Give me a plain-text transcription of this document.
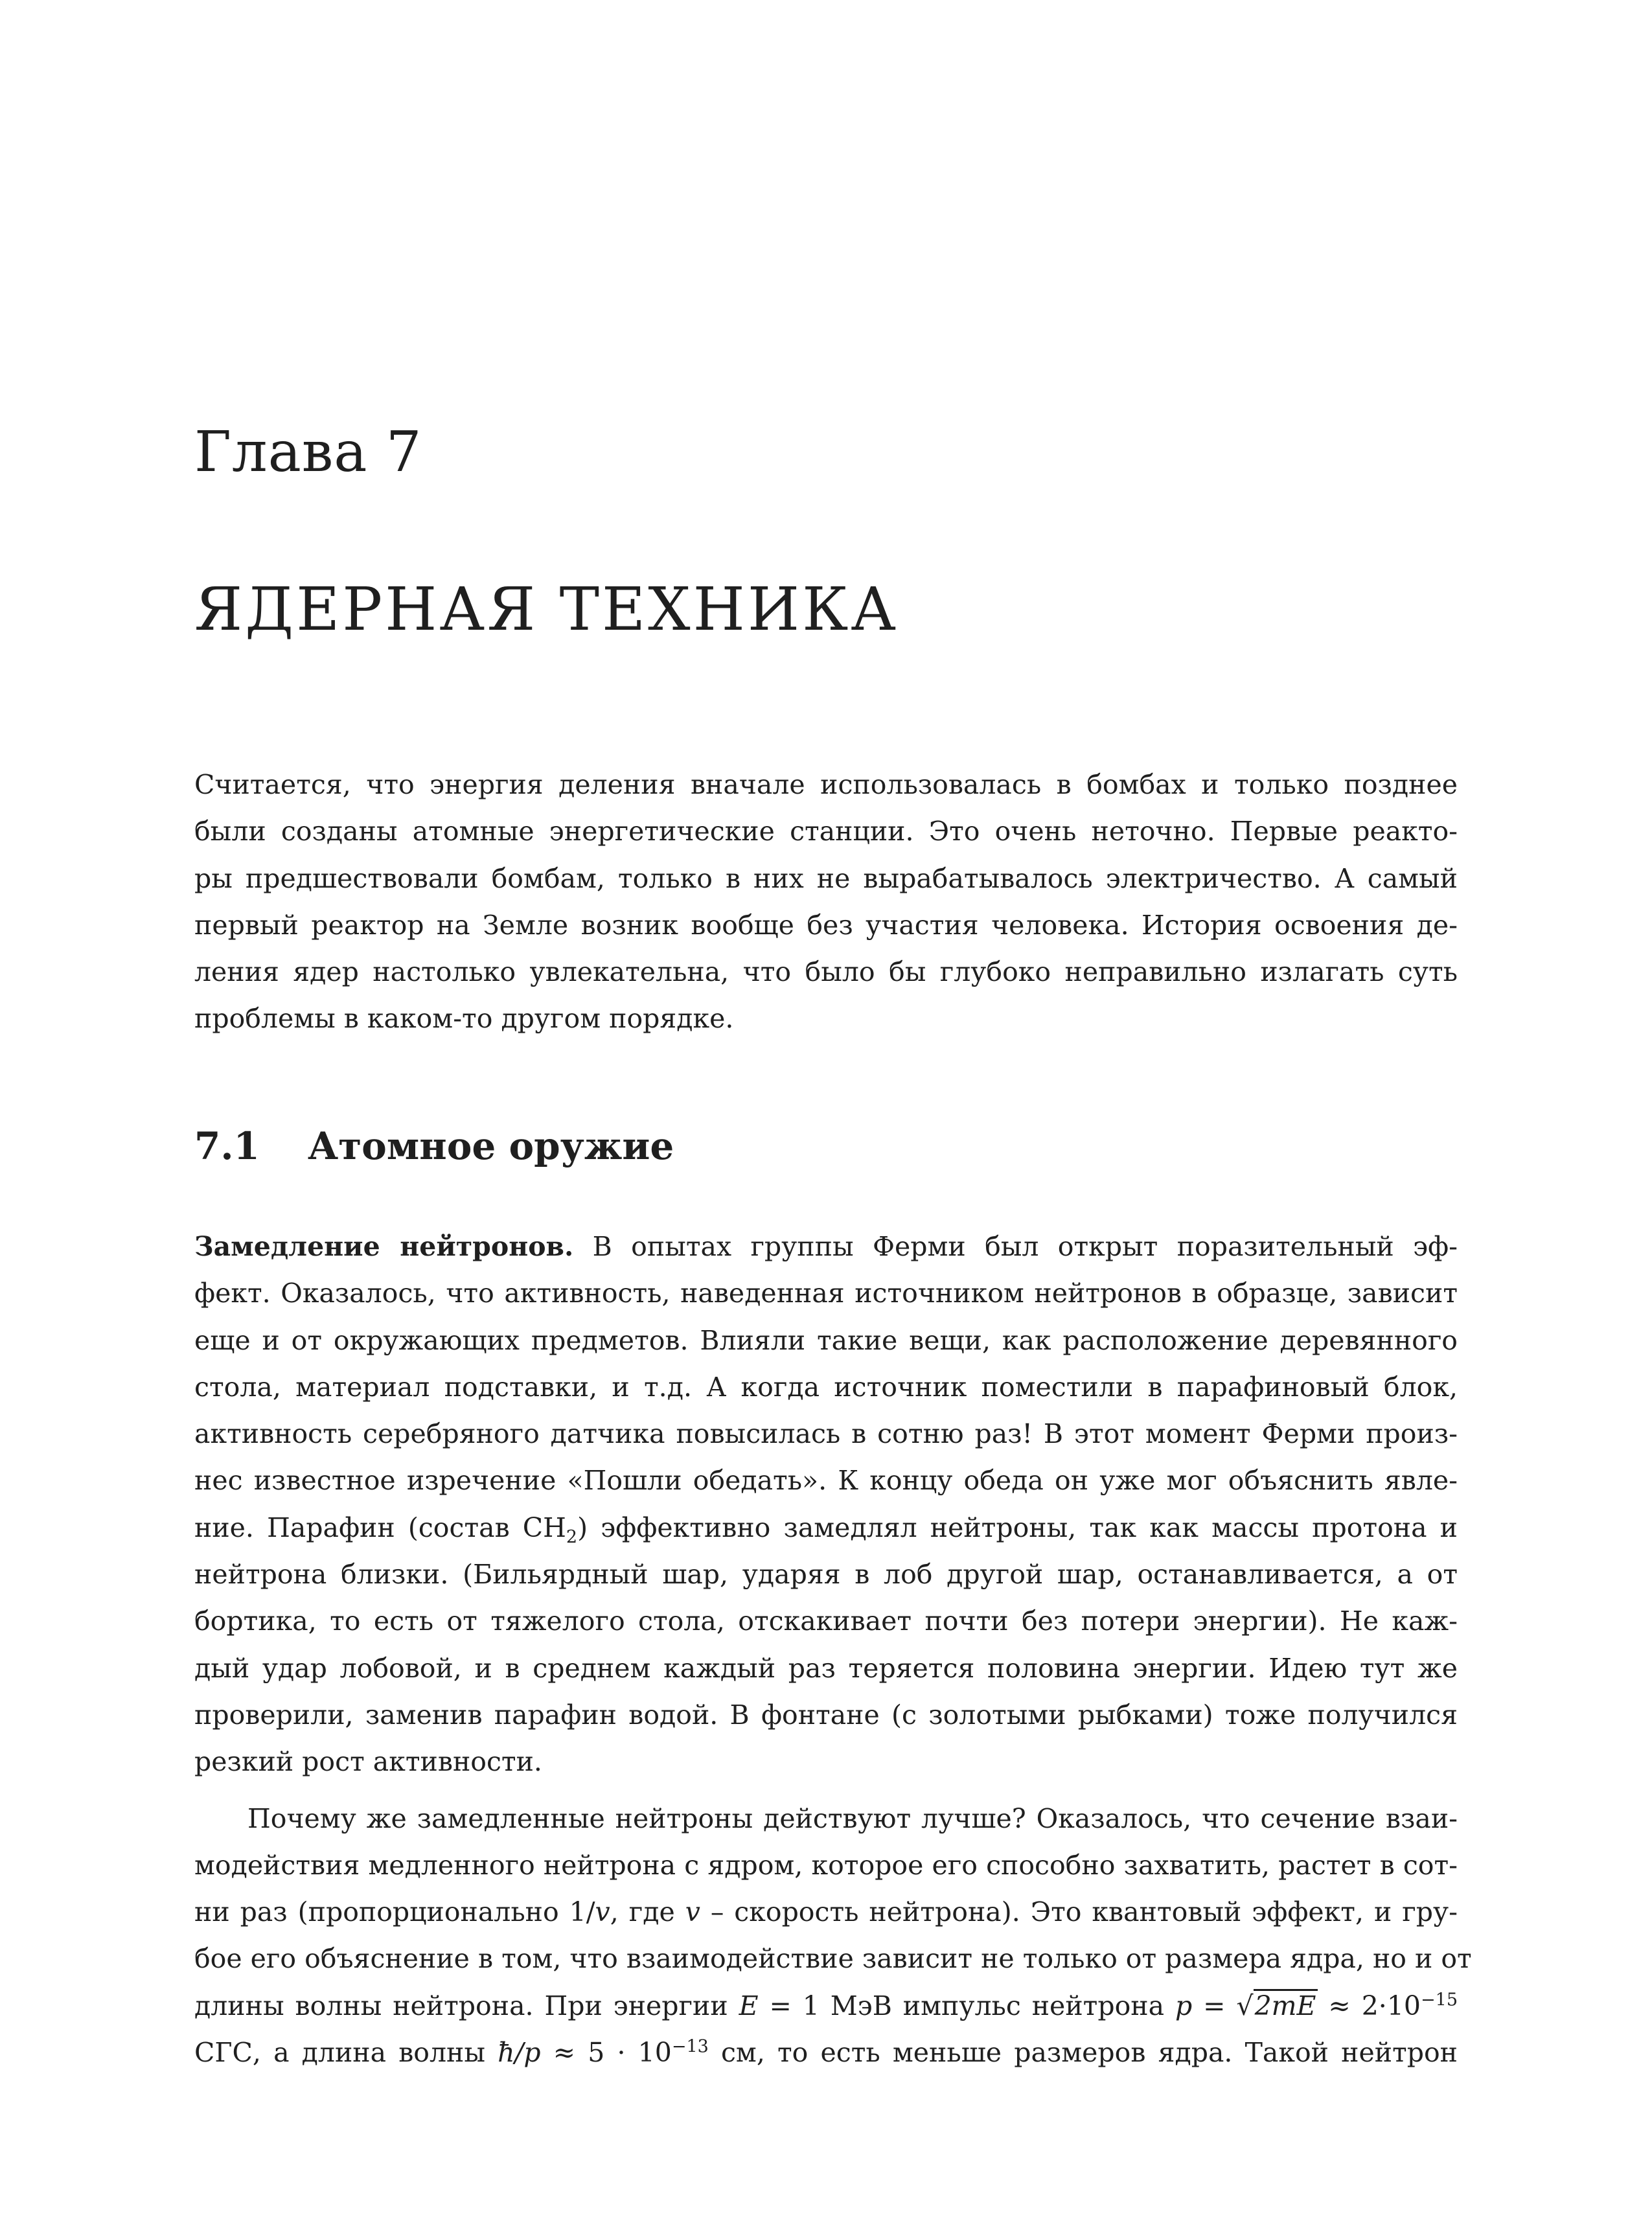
Глава 7
ЯДЕРНАЯ ТЕХНИКА
Считается, что энергия деления вначале использовалась в бомбах и только позднее
были созданы атомные энергетические станции. Это очень неточно. Первые реакто-
ры предшествовали бомбам, только в них не вырабатывалось электричество. А самый
первый реактор на Земле возник вообще без участия человека. История освоения де-
ления ядер настолько увлекательна, что было бы глубоко неправильно излагать суть
проблемы в каком-то другом порядке.
7.1 Атомное оружие
Замедление нейтронов. В опытах группы Ферми был открыт поразительный эф-
фект. Оказалось, что активность, наведенная источником нейтронов в образце, зависит
еще и от окружающих предметов. Влияли такие вещи, как расположение деревянного
стола, материал подставки, и т.д. А когда источник поместили в парафиновый блок,
активность серебряного датчика повысилась в сотню раз! В этот момент Ферми произ-
нес известное изречение «Пошли обедать». К концу обеда он уже мог объяснить явле-
ние. Парафин (состав $CH_2$) эффективно замедлял нейтроны, так как массы протона и
нейтрона близки. (Бильярдный шар, ударяя в лоб другой шар, останавливается, а от
бортика, то есть от тяжелого стола, отскакивает почти без потери энергии). Не каж-
дый удар лобовой, и в среднем каждый раз теряется половина энергии. Идею тут же
проверили, заменив парафин водой. В фонтане (с золотыми рыбками) тоже получился
резкий рост активности.
Почему же замедленные нейтроны действуют лучше? Оказалось, что сечение взаи-
модействия медленного нейтрона с ядром, которое его способно захватить, растет в сот-
ни раз (пропорционально 1/v, где v – скорость нейтрона). Это квантовый эффект, и гру-
бое его объяснение в том, что взаимодействие зависит не только от размера ядра, но и от
длины волны нейтрона. При энергии E = 1 МэВ импульс нейтрона $p = √2mE \approx 2\cdot 10^{-15}$
СГС, а длина волны ħ/p ≈ $5 \cdot 10^{-13}$ см, то есть меньше размеров ядра. Такой нейтрон
